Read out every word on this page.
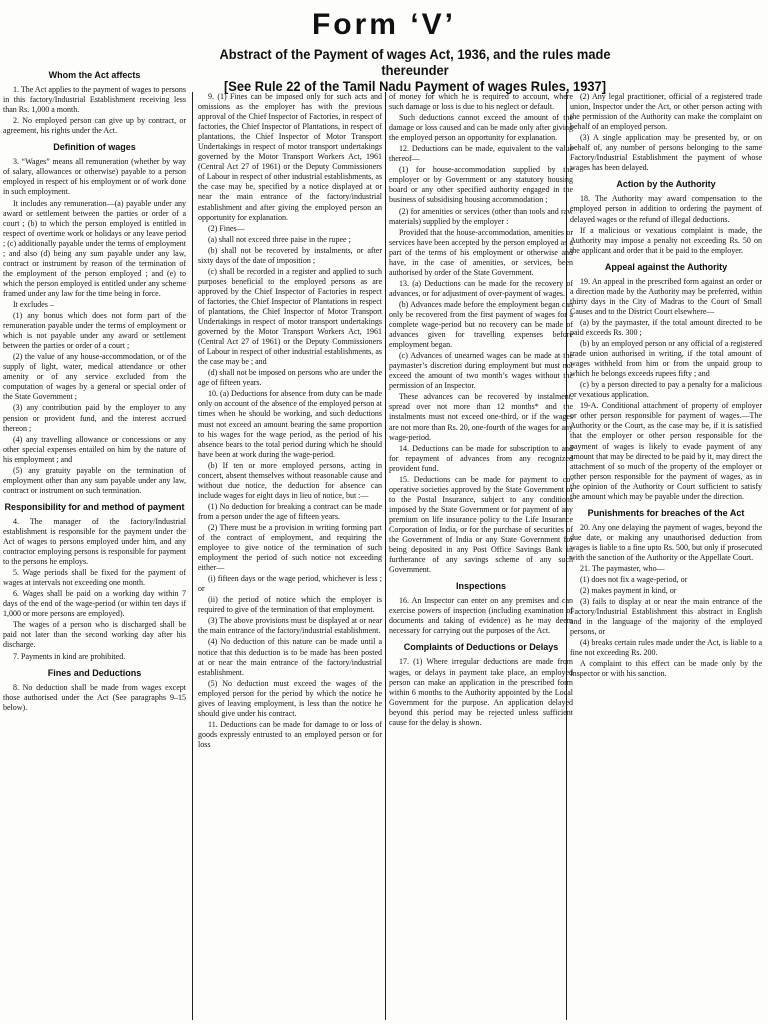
Form ‘V’
Abstract of the Payment of wages Act, 1936, and the rules made thereunder
[See Rule 22 of the Tamil Nadu Payment of wages Rules, 1937]
Whom the Act affects

1. The Act applies to the payment of wages to persons in this factory/Industrial Establishment receiving less than Rs. 1,000 a month.

2. No employed person can give up by contract, or agreement, his rights under the Act.

Definition of wages

3. “Wages” means all remuneration (whether by way of salary, allowances or otherwise) payable to a person employed in respect of his employment or of work done in such employment.

It includes any remuneration—(a) payable under any award or settlement between the parties or order of a court ; (b) to which the person employed is entitled in respect of overtime work or holidays or any leave period ; (c) additionally payable under the terms of employment ; and also (d) being any sum payable under any law, contract or instrument by reason of the termination of the employment of the person employed ; and (e) to which the person employed is entitled under any scheme framed under any law for the time being in force.

It excludes –

(1) any bonus which does not form part of the remuneration payable under the terms of employment or which is not payable under any award or settlement between the parties or order of a court ;

(2) the value of any house-accommodation, or of the supply of light, water, medical attendance or other amenity or of any service excluded from the computation of wages by a general or special order of the State Government ;

(3) any contribution paid by the employer to any pension or provident fund, and the interest accrued thereon ;

(4) any travelling allowance or concessions or any other special expenses entailed on him by the nature of his employment ; and

(5) any gratuity payable on the termination of employment other than any sum payable under any law, contract or instrument on such termination.

Responsibility for and method of payment

4. The manager of the factory/Industrial establishment is responsible for the payment under the Act of wages to persons employed under him, and any contractor employing persons is responsible for payment to the persons he employs.

5. Wage periods shall be fixed for the payment of wages at intervals not exceeding one month.

6. Wages shall be paid on a working day within 7 days of the end of the wage-period (or within ten days if 1,000 or more persons are employed).

The wages of a person who is discharged shall be paid not later than the second working day after his discharge.

7. Payments in kind are prohibited.

Fines and Deductions

8. No deduction shall be made from wages except those authorised under the Act (See paragraphs 9–15 below).

9. (1) Fines can be imposed only for such acts and omissions as the employer has with the previous approval of the Chief Inspector of Factories, in respect of factories, the Chief Inspector of Plantations, in respect of plantations, the Chief Inspector of Motor Transport Undertakings in respect of motor transport undertakings governed by the Motor Transport Workers Act, 1961 (Central Act 27 of 1961) or the Deputy Commissioners of Labour in respect of other industrial establishments, as the case may be, specified by a notice displayed at or near the main entrance of the factory/industrial establishment and after giving the employed person an opportunity for explanation.

(2) Fines—

(a) shall not exceed three paise in the rupee ;

(b) shall not be recovered by instalments, or after sixty days of the date of imposition ;

(c) shall be recorded in a register and applied to such purposes beneficial to the employed persons as are approved by the Chief Inspector of Factories in respect of factories, the Chief Inspector of Plantations in respect of plantations, the Chief Inspector of Motor Transport Undertakings in respect of motor transport undertakings governed by the Motor Transport Workers Act, 1961 (Central Act 27 of 1961) or the Deputy Commissioners of Labour in respect of other industrial establishments, as the case may be ; and

(d) shall not be imposed on persons who are under the age of fifteen years.

10. (a) Deductions for absence from duty can be made only on account of the absence of the employed person at times when he should be working, and such deductions must not exceed an amount bearing the same proportion to his wages for the wage period, as the period of his absence bears to the total period during which he should have been at work during the wage-period.

(b) If ten or more employed persons, acting in concert, absent themselves without reasonable cause and without due notice, the deduction for absence can include wages for eight days in lieu of notice, but :—

(1) No deduction for breaking a contract can be made from a person under the age of fifteen years.

(2) There must be a provision in writing forming part of the contract of employment, and requiring the employee to give notice of the termination of such employment the period of such notice not exceeding either—

(i) fifteen days or the wage period, whichever is less ; or

(ii) the period of notice which the employer is required to give of the termination of that employment.

(3) The above provisions must be displayed at or near the main entrance of the factory/industrial establishment.

(4) No deduction of this nature can be made until a notice that this deduction is to be made has been posted at or near the main entrance of the factory/industrial establishment.

(5) No deduction must exceed the wages of the employed person for the period by which the notice he gives of leaving employment, is less than the notice he should give under his contract.

11. Deductions can be made for damage to or loss of goods expressly entrusted to an employed person or for loss

of money for which he is required to account, where such damage or loss is due to his neglect or default.

Such deductions cannot exceed the amount of the damage or loss caused and can be made only after giving the employed person an opportunity for explanation.

12. Deductions can be made, equivalent to the value thereof—

(1) for house-accommodation supplied by the employer or by Government or any statutory housing board or any other specified authority engaged in the business of subsidising housing accommodation ;

(2) for amenities or services (other than tools and raw materials) supplied by the employer :

Provided that the house-accommodation, amenities or services have been accepted by the person employed as a part of the terms of his employment or otherwise and have, in the case of amenities, or services, been authorised by order of the State Government.

13. (a) Deductions can be made for the recovery of advances, or for adjustment of over-payment of wages.

(b) Advances made before the employment began can only be recovered from the first payment of wages for a complete wage-period but no recovery can be made of advances given for travelling expenses before employment began.

(c) Advances of unearned wages can be made at the paymaster’s discretion during employment but must not exceed the amount of two month’s wages without the permission of an Inspector.

These advances can be recovered by instalment, spread over not more than 12 months* and the instalments must not exceed one-third, or if the wages are not more than Rs. 20, one-fourth of the wages for any wage-period.

14. Deductions can be made for subscription to and for repayment of advances from any recognized provident fund.

15. Deductions can be made for payment to co-operative societies approved by the State Government or to the Postal Insurance, subject to any conditions imposed by the State Government or for payment of any premium on life insurance policy to the Life Insurance Corporation of India, or for the purchase of securities of the Government of India or any State Government for being deposited in any Post Office Savings Bank in furtherance of any savings scheme of any such Government.

Inspections

16. An Inspector can enter on any premises and can exercise powers of inspection (including examination of documents and taking of evidence) as he may deem necessary for carrying out the purposes of the Act.

Complaints of Deductions or Delays

17. (1) Where irregular deductions are made from wages, or delays in payment take place, an employed person can make an application in the prescribed form within 6 months to the Authority appointed by the Local Government for the purpose. An application delayed beyond this period may be rejected unless sufficient cause for the delay is shown.

(2) Any legal practitioner, official of a registered trade union, Inspector under the Act, or other person acting with the permission of the Authority can make the complaint on behalf of an employed person.

(3) A single application may be presented by, or on behalf of, any number of persons belonging to the same Factory/Industrial Establishment the payment of whose wages has been delayed.

Action by the Authority

18. The Authority may award compensation to the employed person in addition to ordering the payment of delayed wages or the refund of illegal deductions.

If a malicious or vexatious complaint is made, the Authority may impose a penalty not exceeding Rs. 50 on the applicant and order that it be paid to the employer.

Appeal against the Authority

19. An appeal in the prescribed form against an order or a direction made by the Authority may be preferred, within thirty days in the City of Madras to the Court of Small Causes and to the District Court elsewhere—

(a) by the paymaster, if the total amount directed to be paid exceeds Rs. 300 ;

(b) by an employed person or any official of a registered trade union authorised in writing, if the total amount of wages withheld from him or from the unpaid group to which he belongs exceeds rupees fifty ; and

(c) by a person directed to pay a penalty for a malicious or vexatious application.

19-A. Conditional attachment of property of employer or other person responsible for payment of wages.—The Authority or the Court, as the case may be, if it is satisfied that the employer or other person responsible for the payment of wages is likely to evade payment of any amount that may be directed to be paid by it, may direct the attachment of so much of the property of the employer or other person responsible for the payment of wages, as in the opinion of the Authority or Court sufficient to satisfy the amount which may be payable under the direction.

Punishments for breaches of the Act

20. Any one delaying the payment of wages, beyond the due date, or making any unauthorised deduction from wages is liable to a fine upto Rs. 500, but only if prosecuted with the sanction of the Authority or the Appellate Court.

21. The paymaster, who—

(1) does not fix a wage-period, or

(2) makes payment in kind, or

(3) fails to display at or near the main entrance of the Factory/Industrial Establishment this abstract in English and in the language of the majority of the employed persons, or

(4) breaks certain rules made under the Act, is liable to a fine not exceeding Rs. 200.

A complaint to this effect can be made only by the Inspector or with his sanction.
